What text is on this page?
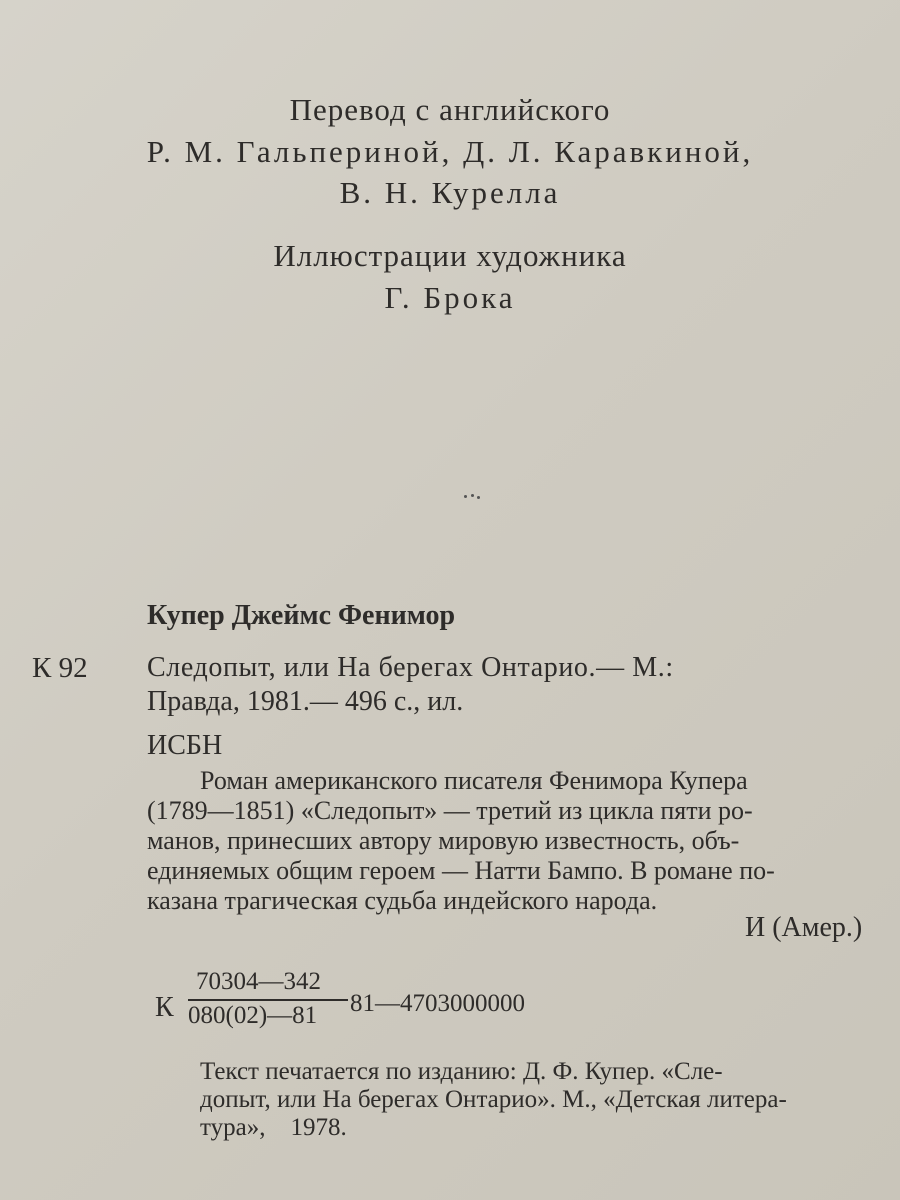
Перевод с английского
Р. М. Гальпериной, Д. Л. Каравкиной,
В. Н. Курелла
Иллюстрации художника
Г. Брока
Купер Джеймс Фенимор
К 92 Следопыт, или На берегах Онтарио.— М.:
Правда, 1981.— 496 с., ил.
ИСБН
Роман американского писателя Фенимора Купера
(1789—1851) «Следопыт» — третий из цикла пяти ро-
манов, принесших автору мировую известность, объ-
единяемых общим героем — Натти Бампо. В романе по-
казана трагическая судьба индейского народа.
И (Амер.)
К
70304—342
080(02)—81 81—4703000000
Текст печатается по изданию: Д. Ф. Купер. «Сле-
допыт, или На берегах Онтарио». М., «Детская литера-
тура»,    1978.
